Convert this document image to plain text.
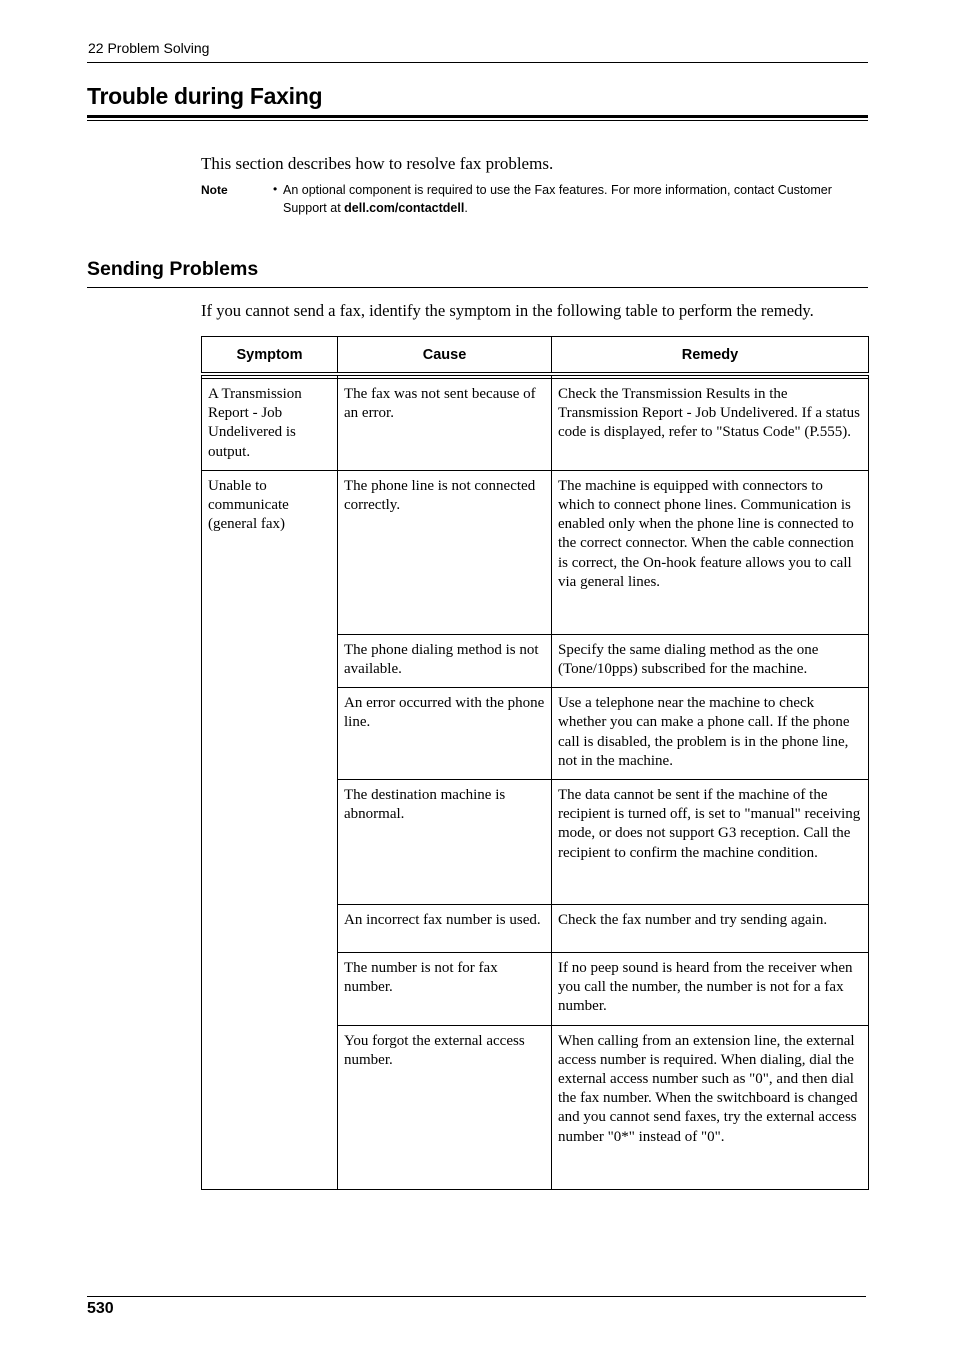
22 Problem Solving
Trouble during Faxing
This section describes how to resolve fax problems.
Note	• An optional component is required to use the Fax features. For more information, contact Customer Support at dell.com/contactdell.
Sending Problems
If you cannot send a fax, identify the symptom in the following table to perform the remedy.
Symptom	Cause	Remedy

A Transmission Report - Job Undelivered is output.	The fax was not sent because of an error.	Check the Transmission Results in the Transmission Report - Job Undelivered. If a status code is displayed, refer to "Status Code" (P.555).
Unable to communicate (general fax)	The phone line is not connected correctly.	The machine is equipped with connectors to which to connect phone lines. Communication is enabled only when the phone line is connected to the correct connector. When the cable connection is correct, the On-hook feature allows you to call via general lines.
	The phone dialing method is not available.	Specify the same dialing method as the one (Tone/10pps) subscribed for the machine.
	An error occurred with the phone line.	Use a telephone near the machine to check whether you can make a phone call. If the phone call is disabled, the problem is in the phone line, not in the machine.
	The destination machine is abnormal.	The data cannot be sent if the machine of the recipient is turned off, is set to "manual" receiving mode, or does not support G3 reception. Call the recipient to confirm the machine condition.
	An incorrect fax number is used.	Check the fax number and try sending again.
	The number is not for fax number.	If no peep sound is heard from the receiver when you call the number, the number is not for a fax number.
	You forgot the external access number.	When calling from an extension line, the external access number is required. When dialing, dial the external access number such as "0", and then dial the fax number. When the switchboard is changed and you cannot send faxes, try the external access number "0*" instead of "0".
530
